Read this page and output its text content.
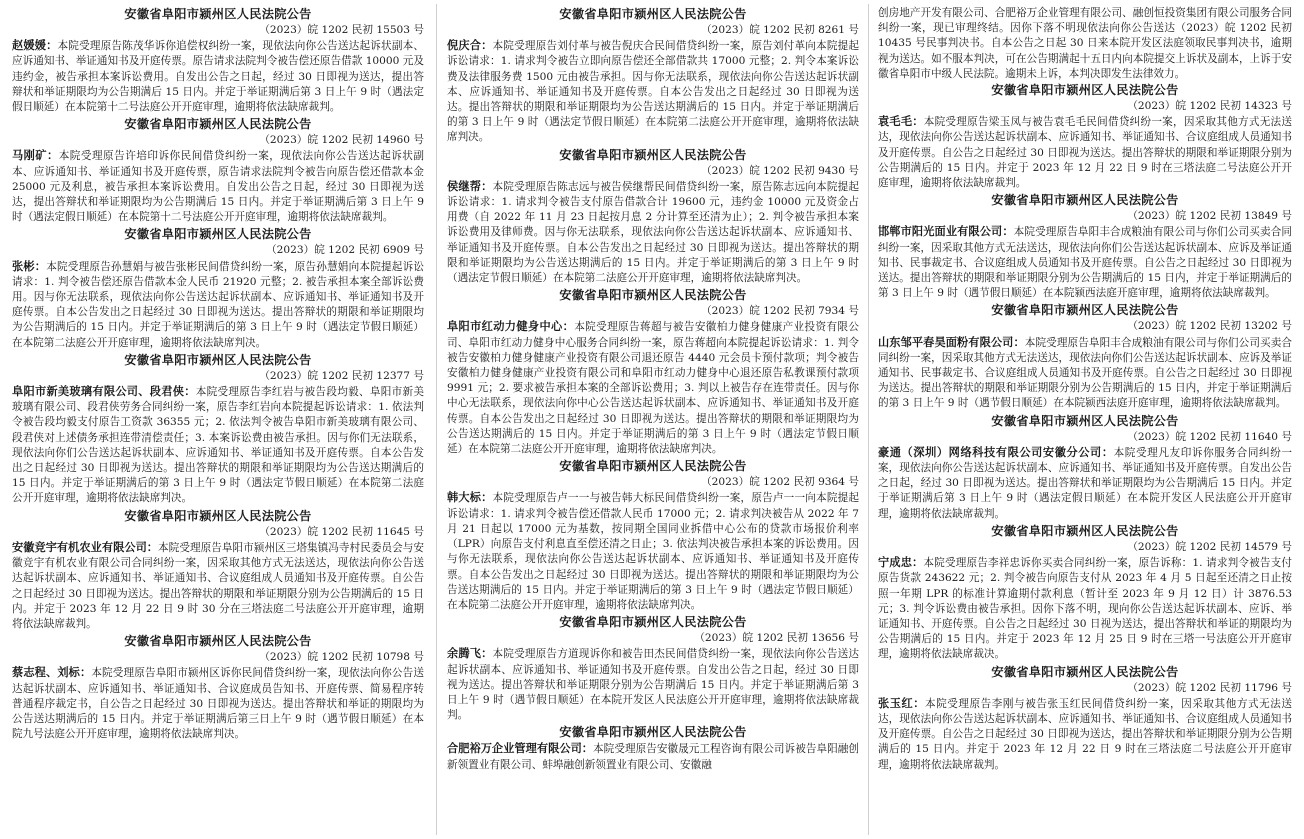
安徽省阜阳市颍州区人民法院公告
（2023）皖 1202 民初 15503 号
赵媛媛：本院受理原告陈茂华诉你追偿权纠纷一案，现依法向你公告送达起诉状副本、应诉通知书、举证通知书及开庭传票。原告请求法院判令被告偿还原告借款 10000 元及违约金，被告承担本案诉讼费用。自发出公告之日起，经过 30 日即视为送达，提出答辩状和举证期限均为公告期满后 15 日内。并定于举证期满后第 3 日上午 9 时（遇法定假日顺延）在本院第十二号法庭公开开庭审理，逾期将依法缺席裁判。
安徽省阜阳市颍州区人民法院公告
（2023）皖 1202 民初 14960 号
马刚矿：本院受理原告许培印诉你民间借贷纠纷一案，现依法向你公告送达起诉状副本、应诉通知书、举证通知书及开庭传票，原告请求法院判令被告向原告偿还借款本金 25000 元及利息，被告承担本案诉讼费用。自发出公告之日起，经过 30 日即视为送达，提出答辩状和举证期限均为公告期满后 15 日内。并定于举证期满后第 3 日上午 9 时（遇法定假日顺延）在本院第十二号法庭公开开庭审理，逾期将依法缺席裁判。
安徽省阜阳市颍州区人民法院公告
（2023）皖 1202 民初 6909 号
张彬：本院受理原告孙慧娟与被告张彬民间借贷纠纷一案，原告孙慧娟向本院提起诉讼请求：1. 判令被告偿还原告借款本金人民币 21920 元整；2. 被告承担本案全部诉讼费用。因与你无法联系，现依法向你公告送达起诉状副本、应诉通知书、举证通知书及开庭传票。自本公告发出之日起经过 30 日即视为送达。提出答辩状的期限和举证期限均为公告期满后的 15 日内。并定于举证期满后的第 3 日上午 9 时（遇法定节假日顺延）在本院第二法庭公开开庭审理，逾期将依法缺席判决。
安徽省阜阳市颍州区人民法院公告
（2023）皖 1202 民初 12377 号
阜阳市新美玻璃有限公司、段君侠：本院受理原告李红岩与被告段均毅、阜阳市新美玻璃有限公司、段君侠劳务合同纠纷一案，原告李红岩向本院提起诉讼请求：1. 依法判令被告段均毅支付原告工资款 36355 元；2. 依法判令被告阜阳市新美玻璃有限公司、段君侠对上述债务承担连带清偿责任；3. 本案诉讼费由被告承担。因与你们无法联系，现依法向你们公告送达起诉状副本、应诉通知书、举证通知书及开庭传票。自本公告发出之日起经过 30 日即视为送达。提出答辩状的期限和举证期限均为公告送达期满后的 15 日内。并定于举证期满后的第 3 日上午 9 时（遇法定节假日顺延）在本院第二法庭公开开庭审理，逾期将依法缺席判决。
安徽省阜阳市颍州区人民法院公告
（2023）皖 1202 民初 11645 号
安徽竞宇有机农业有限公司：本院受理原告阜阳市颍州区三塔集镇冯寺村民委员会与安徽竞宇有机农业有限公司合同纠纷一案，因采取其他方式无法送达，现依法向你公告送达起诉状副本、应诉通知书、举证通知书、合议庭组成人员通知书及开庭传票。自公告之日起经过 30 日即视为送达。提出答辩状的期限和举证期限分别为公告期满后的 15 日内。并定于 2023 年 12 月 22 日 9 时 30 分在三塔法庭二号法庭公开开庭审理，逾期将依法缺席裁判。
安徽省阜阳市颍州区人民法院公告
（2023）皖 1202 民初 10798 号
蔡志程、刘标：本院受理原告阜阳市颍州区诉你民间借贷纠纷一案，现依法向你公告送达起诉状副本、应诉通知书、举证通知书、合议庭成员告知书、开庭传票、简易程序转普通程序裁定书，自公告之日起经过 30 日即视为送达。提出答辩状和举证的期限均为公告送达期满后的 15 日内。并定于举证期满后第三日上午 9 时（遇节假日顺延）在本院九号法庭公开开庭审理，逾期将依法缺席判决。
安徽省阜阳市颍州区人民法院公告
（2023）皖 1202 民初 8261 号
倪庆合：本院受理原告刘付革与被告倪庆合民间借贷纠纷一案，原告刘付革向本院提起诉讼请求：1. 请求判令被告立即向原告偿还全部借款共 17000 元整；2. 判令本案诉讼费及法律服务费 1500 元由被告承担。因与你无法联系，现依法向你公告送达起诉状副本、应诉通知书、举证通知书及开庭传票。自本公告发出之日起经过 30 日即视为送达。提出答辩状的期限和举证期限均为公告送达期满后的 15 日内。并定于举证期满后的第 3 日上午 9 时（遇法定节假日顺延）在本院第二法庭公开开庭审理，逾期将依法缺席判决。
安徽省阜阳市颍州区人民法院公告
（2023）皖 1202 民初 9430 号
侯继帮：本院受理原告陈志远与被告侯继帮民间借贷纠纷一案，原告陈志远向本院提起诉讼请求：1. 请求判令被告支付原告借款合计 19600 元，违约金 10000 元及资金占用费（自 2022 年 11 月 23 日起按月息 2 分计算至还清为止）；2. 判令被告承担本案诉讼费用及律师费。因与你无法联系，现依法向你公告送达起诉状副本、应诉通知书、举证通知书及开庭传票。自本公告发出之日起经过 30 日即视为送达。提出答辩状的期限和举证期限均为公告送达期满后的 15 日内。并定于举证期满后的第 3 日上午 9 时（遇法定节假日顺延）在本院第二法庭公开开庭审理，逾期将依法缺席判决。
安徽省阜阳市颍州区人民法院公告
（2023）皖 1202 民初 7934 号
阜阳市红动力健身中心：本院受理原告蒋超与被告安徽柏力健身健康产业投资有限公司、阜阳市红动力健身中心服务合同纠纷一案，原告蒋超向本院提起诉讼请求：1. 判令被告安徽柏力健身健康产业投资有限公司退还原告 4440 元会员卡预付款项；判令被告安徽柏力健身健康产业投资有限公司和阜阳市红动力健身中心退还原告私教课预付款项 9991 元；2. 要求被告承担本案的全部诉讼费用；3. 判以上被告存在连带责任。因与你中心无法联系，现依法向你中心公告送达起诉状副本、应诉通知书、举证通知书及开庭传票。自本公告发出之日起经过 30 日即视为送达。提出答辩状的期限和举证期限均为公告送达期满后的 15 日内。并定于举证期满后的第 3 日上午 9 时（遇法定节假日顺延）在本院第二法庭公开开庭审理，逾期将依法缺席判决。
安徽省阜阳市颍州区人民法院公告
（2023）皖 1202 民初 9364 号
韩大标：本院受理原告卢一一与被告韩大标民间借贷纠纷一案，原告卢一一向本院提起诉讼请求：1. 请求判令被告偿还借款人民币 17000 元；2. 请求判决被告从 2022 年 7 月 21 日起以 17000 元为基数，按同期全国同业拆借中心公布的贷款市场报价利率（LPR）向原告支付利息直至偿还清之日止；3. 依法判决被告承担本案的诉讼费用。因与你无法联系，现依法向你公告送达起诉状副本、应诉通知书、举证通知书及开庭传票。自本公告发出之日起经过 30 日即视为送达。提出答辩状的期限和举证期限均为公告送达期满后的 15 日内。并定于举证期满后的第 3 日上午 9 时（遇法定节假日顺延）在本院第二法庭公开开庭审理，逾期将依法缺席判决。
安徽省阜阳市颍州区人民法院公告
（2023）皖 1202 民初 13656 号
余腾飞：本院受理原告方道现诉你和被告田杰民间借贷纠纷一案，现依法向你公告送达起诉状副本、应诉通知书、举证通知书及开庭传票。自发出公告之日起，经过 30 日即视为送达。提出答辩状和举证期限分别为公告期满后 15 日内。并定于举证期满后第 3 日上午 9 时（遇节假日顺延）在本院开发区人民法庭公开开庭审理，逾期将依法缺席裁判。
安徽省阜阳市颍州区人民法院公告
合肥裕万企业管理有限公司：本院受理原告安徽晟元工程咨询有限公司诉被告阜阳融创新领置业有限公司、蚌埠融创新领置业有限公司、安徽融
创房地产开发有限公司、合肥裕万企业管理有限公司、融创恒投资集团有限公司服务合同纠纷一案，现已审理终结。因你下落不明现依法向你公告送达（2023）皖 1202 民初 10435 号民事判决书。自本公告之日起 30 日来本院开发区法庭领取民事判决书，逾期视为送达。如不服本判决，可在公告期满起十五日内向本院提交上诉状及副本，上诉于安徽省阜阳市中级人民法院。逾期未上诉，本判决即发生法律效力。
安徽省阜阳市颍州区人民法院公告
（2023）皖 1202 民初 14323 号
袁毛毛：本院受理原告梁玉凤与被告袁毛毛民间借贷纠纷一案，因采取其他方式无法送达，现依法向你公告送达起诉状副本、应诉通知书、举证通知书、合议庭组成人员通知书及开庭传票。自公告之日起经过 30 日即视为送达。提出答辩状的期限和举证期限分别为公告期满后的 15 日内。并定于 2023 年 12 月 22 日 9 时在三塔法庭二号法庭公开开庭审理，逾期将依法缺席裁判。
安徽省阜阳市颍州区人民法院公告
（2023）皖 1202 民初 13849 号
邯郸市阳光面业有限公司：本院受理原告阜阳丰合成粮油有限公司与你们公司买卖合同纠纷一案，因采取其他方式无法送达，现依法向你们公告送达起诉状副本、应诉及举证通知书、民事裁定书、合议庭组成人员通知书及开庭传票。自公告之日起经过 30 日即视为送达。提出答辩状的期限和举证期限分别为公告期满后的 15 日内，并定于举证期满后的第 3 日上午 9 时（遇节假日顺延）在本院颍西法庭开庭审理，逾期将依法缺席裁判。
安徽省阜阳市颍州区人民法院公告
（2023）皖 1202 民初 13202 号
山东邹平春昊面粉有限公司：本院受理原告阜阳丰合成粮油有限公司与你们公司买卖合同纠纷一案，因采取其他方式无法送达，现依法向你们公告送达起诉状副本、应诉及举证通知书、民事裁定书、合议庭组成人员通知书及开庭传票。自公告之日起经过 30 日即视为送达。提出答辩状的期限和举证期限分别为公告期满后的 15 日内，并定于举证期满后的第 3 日上午 9 时（遇节假日顺延）在本院颍西法庭开庭审理，逾期将依法缺席裁判。
安徽省阜阳市颍州区人民法院公告
（2023）皖 1202 民初 11640 号
豪通（深圳）网络科技有限公司安徽分公司：本院受理凡友印诉你服务合同纠纷一案，现依法向你公告送达起诉状副本、应诉通知书、举证通知书及开庭传票。自发出公告之日起，经过 30 日即视为送达。提出答辩状和举证期限均为公告期满后 15 日内。并定于举证期满后第 3 日上午 9 时（遇法定假日顺延）在本院开发区人民法庭公开开庭审理，逾期将依法缺席裁判。
安徽省阜阳市颍州区人民法院公告
（2023）皖 1202 民初 14579 号
宁成忠：本院受理原告李祥忠诉你买卖合同纠纷一案，原告诉称：1. 请求判令被告支付原告货款 243622 元；2. 判令被告向原告支付从 2023 年 4 月 5 日起至还清之日止按照一年期 LPR 的标准计算逾期付款利息（暂计至 2023 年 9 月 12 日）计 3876.53 元；3. 判令诉讼费由被告承担。因你下落不明，现向你公告送达起诉状副本、应诉、举证通知书、开庭传票。自公告之日起经过 30 日视为送达，提出答辩状和举证的期限均为公告期满后的 15 日内。并定于 2023 年 12 月 25 日 9 时在三塔一号法庭公开开庭审理，逾期将依法缺席裁决。
安徽省阜阳市颍州区人民法院公告
（2023）皖 1202 民初 11796 号
张玉红：本院受理原告李刚与被告张玉红民间借贷纠纷一案，因采取其他方式无法送达，现依法向你公告送达起诉状副本、应诉通知书、举证通知书、合议庭组成人员通知书及开庭传票。自公告之日起经过 30 日即视为送达，提出答辩状和举证期限分别为公告期满后的 15 日内。并定于 2023 年 12 月 22 日 9 时在三塔法庭二号法庭公开开庭审理，逾期将依法缺席裁判。
